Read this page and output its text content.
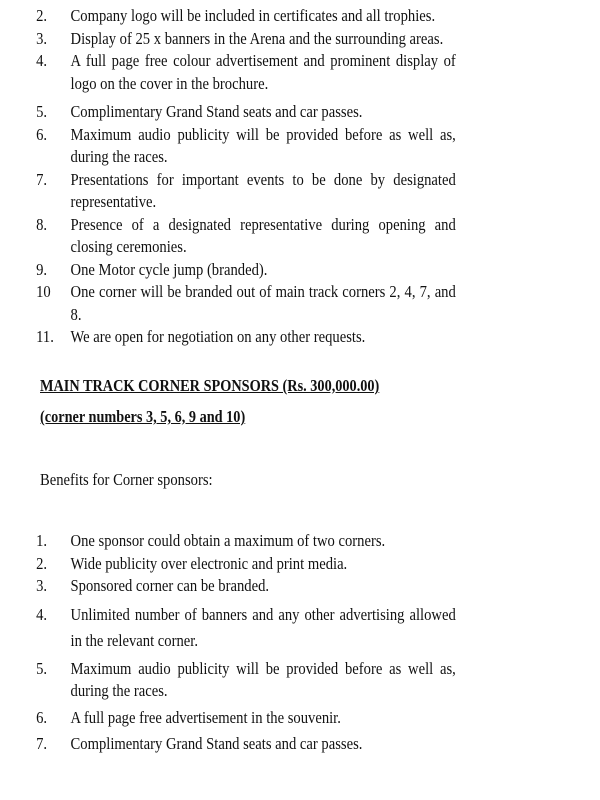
2. Company logo will be included in certificates and all trophies.
3. Display of 25 x banners in the Arena and the surrounding areas.
4. A full page free colour advertisement and prominent display of logo on the cover in the brochure.
5. Complimentary Grand Stand seats and car passes.
6. Maximum audio publicity will be provided before as well as, during the races.
7. Presentations for important events to be done by designated representative.
8. Presence of a designated representative during opening and closing ceremonies.
9. One Motor cycle jump (branded).
10 One corner will be branded out of main track corners 2, 4, 7, and 8.
11. We are open for negotiation on any other requests.
MAIN TRACK CORNER SPONSORS (Rs. 300,000.00)
(corner numbers 3, 5, 6, 9 and 10)
Benefits for Corner sponsors:
1. One sponsor could obtain a maximum of two corners.
2. Wide publicity over electronic and print media.
3. Sponsored corner can be branded.
4. Unlimited number of banners and any other advertising allowed in the relevant corner.
5. Maximum audio publicity will be provided before as well as, during the races.
6. A full page free advertisement in the souvenir.
7. Complimentary Grand Stand seats and car passes.
